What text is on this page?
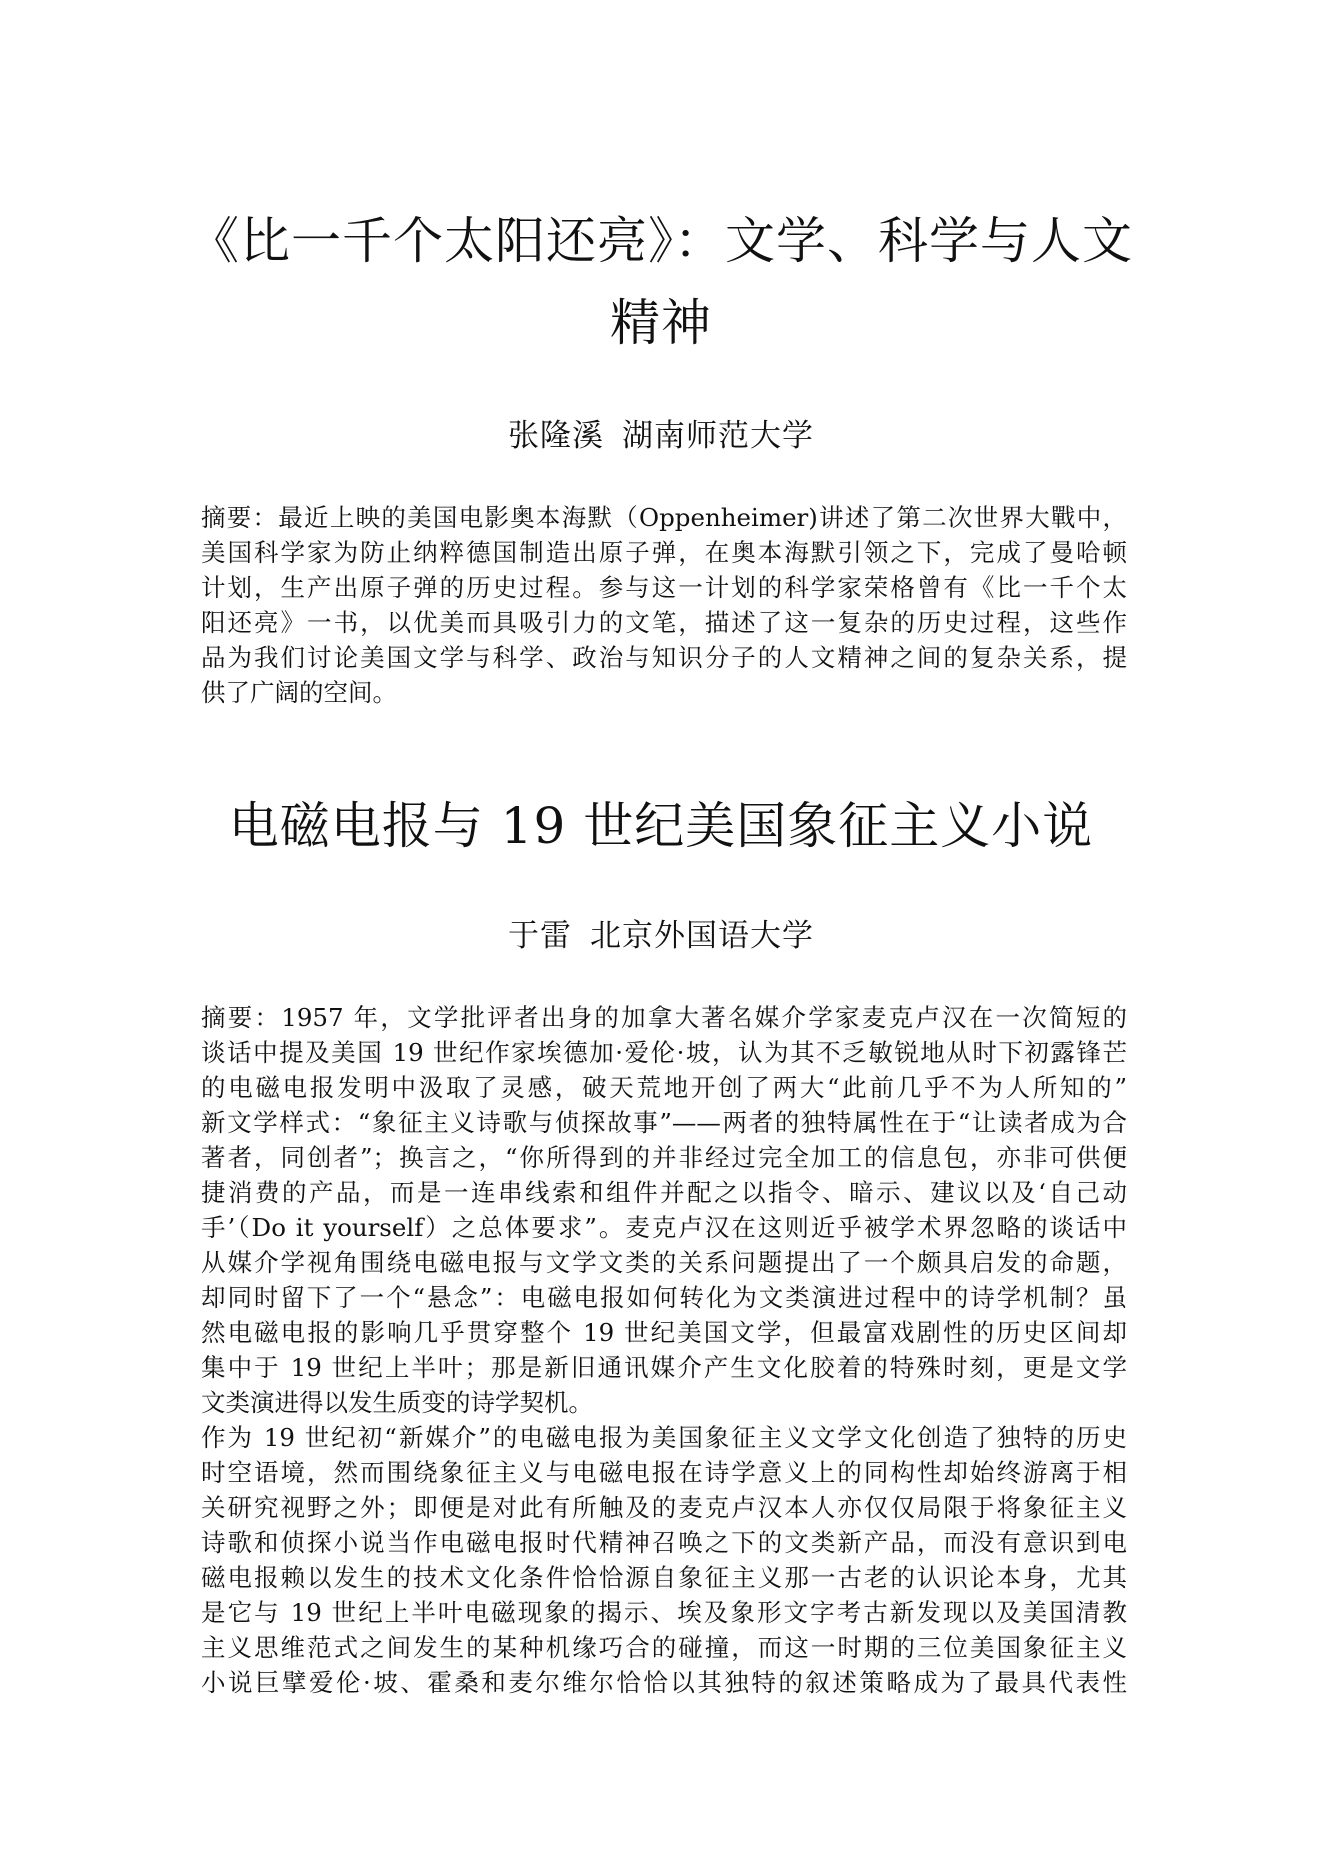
《比一千个太阳还亮》：文学、科学与人文
精神

张隆溪 湖南师范大学

摘要：最近上映的美国电影奥本海默（Oppenheimer)讲述了第二次世界大戰中，
美国科学家为防止纳粹德国制造出原子弹，在奥本海默引领之下，完成了曼哈顿
计划，生产出原子弹的历史过程。参与这一计划的科学家荣格曾有《比一千个太
阳还亮》一书，以优美而具吸引力的文笔，描述了这一复杂的历史过程，这些作
品为我们讨论美国文学与科学、政治与知识分子的人文精神之间的复杂关系，提
供了广阔的空间。

电磁电报与 19 世纪美国象征主义小说

于雷 北京外国语大学

摘要：1957 年，文学批评者出身的加拿大著名媒介学家麦克卢汉在一次简短的
谈话中提及美国 19 世纪作家埃德加·爱伦·坡，认为其不乏敏锐地从时下初露锋芒
的电磁电报发明中汲取了灵感，破天荒地开创了两大“此前几乎不为人所知的”
新文学样式：“象征主义诗歌与侦探故事”——两者的独特属性在于“让读者成为合
著者，同创者”；换言之，“你所得到的并非经过完全加工的信息包，亦非可供便
捷消费的产品，而是一连串线索和组件并配之以指令、暗示、建议以及‘自己动
手’（Do it yourself）之总体要求”。麦克卢汉在这则近乎被学术界忽略的谈话中
从媒介学视角围绕电磁电报与文学文类的关系问题提出了一个颇具启发的命题，
却同时留下了一个“悬念”：电磁电报如何转化为文类演进过程中的诗学机制？虽
然电磁电报的影响几乎贯穿整个 19 世纪美国文学，但最富戏剧性的历史区间却
集中于 19 世纪上半叶；那是新旧通讯媒介产生文化胶着的特殊时刻，更是文学
文类演进得以发生质变的诗学契机。

作为 19 世纪初“新媒介”的电磁电报为美国象征主义文学文化创造了独特的历史
时空语境，然而围绕象征主义与电磁电报在诗学意义上的同构性却始终游离于相
关研究视野之外；即便是对此有所触及的麦克卢汉本人亦仅仅局限于将象征主义
诗歌和侦探小说当作电磁电报时代精神召唤之下的文类新产品，而没有意识到电
磁电报赖以发生的技术文化条件恰恰源自象征主义那一古老的认识论本身，尤其
是它与 19 世纪上半叶电磁现象的揭示、埃及象形文字考古新发现以及美国清教
主义思维范式之间发生的某种机缘巧合的碰撞，而这一时期的三位美国象征主义
小说巨擘爱伦·坡、霍桑和麦尔维尔恰恰以其独特的叙述策略成为了最具代表性
